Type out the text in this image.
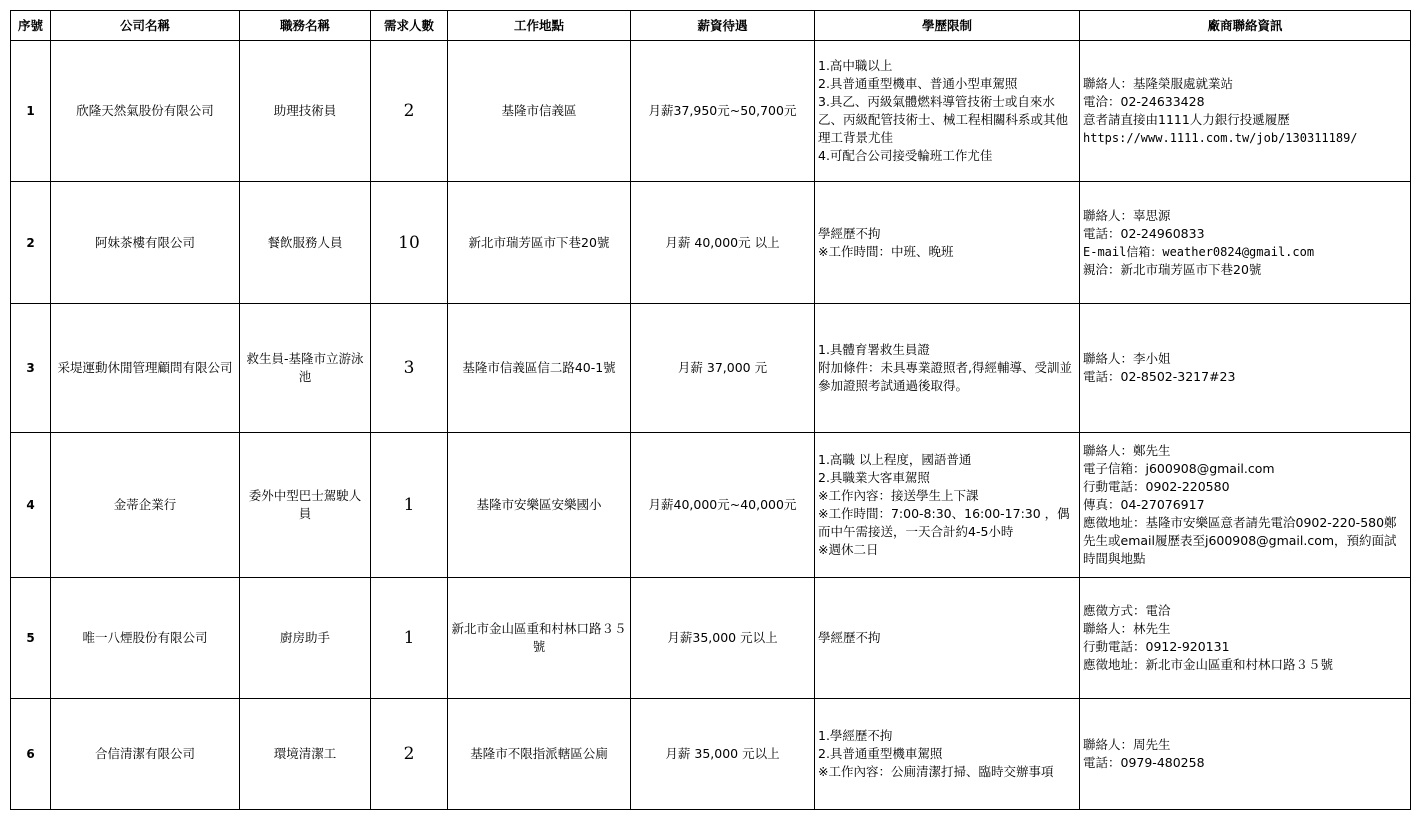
序號	公司名稱	職務名稱	需求人數	工作地點	薪資待遇	學歷限制	廠商聯絡資訊
1	欣隆天然氣股份有限公司	助理技術員	2	基隆市信義區	月薪37,950元~50,700元	1.高中職以上
2.具普通重型機車、普通小型車駕照
3.具乙、丙級氣體燃料導管技術士或自來水乙、丙級配管技術士、械工程相關科系或其他理工背景尤佳
4.可配合公司接受輪班工作尤佳	聯絡人：基隆榮服處就業站
電洽：02-24633428
意者請直接由1111人力銀行投遞履歷
https://www.1111.com.tw/job/130311189/

2	阿妹茶樓有限公司	餐飲服務人員	10	新北市瑞芳區市下巷20號	月薪 40,000元 以上	學經歷不拘
※工作時間：中班、晚班	聯絡人：辜思源
電話：02-24960833
E-mail信箱：weather0824@gmail.com
親洽：新北市瑞芳區市下巷20號

3	采堤運動休閒管理顧問有限公司	救生員-基隆市立游泳池	3	基隆市信義區信二路40-1號	月薪 37,000 元	1.具體育署救生員證
附加條件：未具專業證照者,得經輔導、受訓並參加證照考試通過後取得。	聯絡人：李小姐
電話：02-8502-3217#23

4	金蒂企業行	委外中型巴士駕駛人員	1	基隆市安樂區安樂國小	月薪40,000元~40,000元	1.高職 以上程度，國語普通
2.具職業大客車駕照
※工作內容：接送學生上下課
※工作時間：7:00-8:30、16:00-17:30 ，偶而中午需接送，一天合計約4-5小時
※週休二日	聯絡人：鄭先生
電子信箱：j600908@gmail.com
行動電話：0902-220580
傳真：04-27076917
應徵地址：基隆市安樂區意者請先電洽0902-220-580鄭先生或email履歷表至j600908@gmail.com，預約面試時間與地點

5	唯一八煙股份有限公司	廚房助手	1	新北市金山區重和村林口路３５號	月薪35,000 元以上	學經歷不拘	應徵方式：電洽
聯絡人：林先生
行動電話：0912-920131
應徵地址：新北市金山區重和村林口路３５號

6	合信清潔有限公司	環境清潔工	2	基隆市不限指派轄區公廁	月薪 35,000 元以上	1.學經歷不拘
2.具普通重型機車駕照
※工作內容：公廁清潔打掃、臨時交辦事項	聯絡人：周先生
電話：0979-480258
